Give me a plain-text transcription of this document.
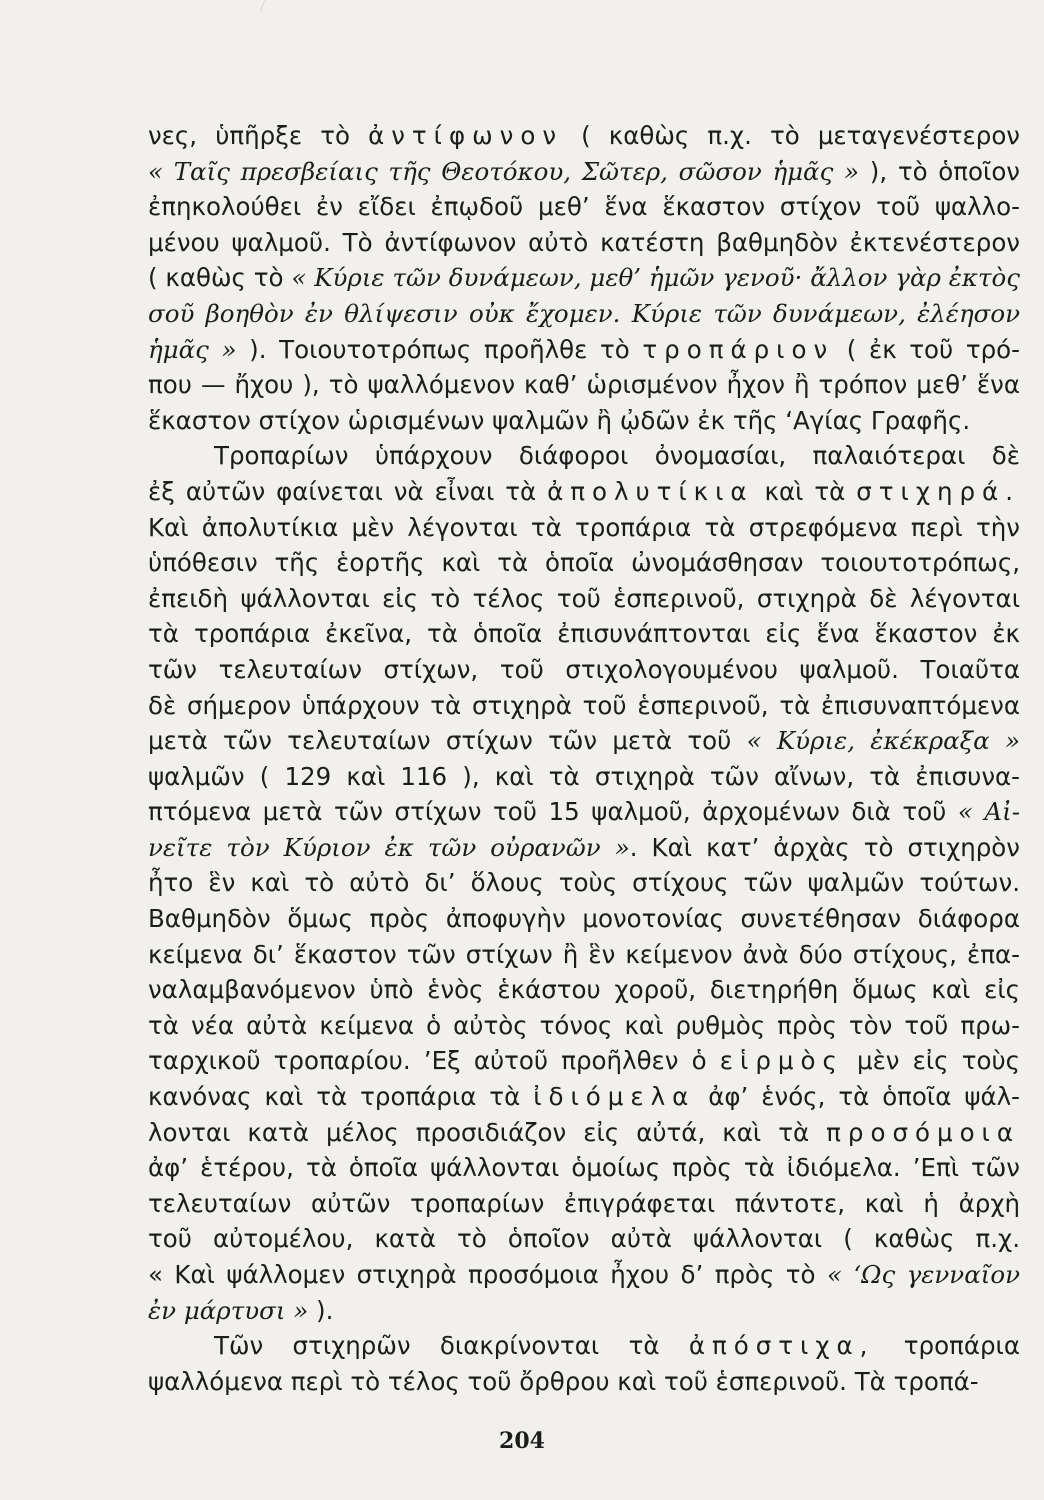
νες, ὑπῆρξε τὸ ἀντίφωνον ( καθὼς π.χ. τὸ μεταγενέστερον
« Ταῖς πρεσβείαις τῆς Θεοτόκου, Σῶτερ, σῶσον ἡμᾶς » ), τὸ ὁποῖον
ἐπηκολούθει ἐν εἴδει ἐπῳδοῦ μεθ’ ἕνα ἕκαστον στίχον τοῦ ψαλλο-
μένου ψαλμοῦ. Τὸ ἀντίφωνον αὐτὸ κατέστη βαθμηδὸν ἐκτενέστερον
( καθὼς τὸ « Κύριε τῶν δυνάμεων, μεθ’ ἡμῶν γενοῦ· ἄλλον γὰρ ἐκτὸς
σοῦ βοηθὸν ἐν θλίψεσιν οὐκ ἔχομεν. Κύριε τῶν δυνάμεων, ἐλέησον
ἡμᾶς » ). Τοιουτοτρόπως προῆλθε τὸ τροπάριον ( ἐκ τοῦ τρό-
που — ἤχου ), τὸ ψαλλόμενον καθ’ ὡρισμένον ἦχον ἢ τρόπον μεθ’ ἕνα
ἕκαστον στίχον ὡρισμένων ψαλμῶν ἢ ᾠδῶν ἐκ τῆς ‘Αγίας Γραφῆς.
Τροπαρίων ὑπάρχουν διάφοροι ὀνομασίαι, παλαιότεραι δὲ
ἐξ αὐτῶν φαίνεται νὰ εἶναι τὰ ἀπολυτίκια καὶ τὰ στιχηρά.
Καὶ ἀπολυτίκια μὲν λέγονται τὰ τροπάρια τὰ στρεφόμενα περὶ τὴν
ὑπόθεσιν τῆς ἑορτῆς καὶ τὰ ὁποῖα ὠνομάσθησαν τοιουτοτρόπως,
ἐπειδὴ ψάλλονται εἰς τὸ τέλος τοῦ ἑσπερινοῦ, στιχηρὰ δὲ λέγονται
τὰ τροπάρια ἐκεῖνα, τὰ ὁποῖα ἐπισυνάπτονται εἰς ἕνα ἕκαστον ἐκ
τῶν τελευταίων στίχων, τοῦ στιχολογουμένου ψαλμοῦ. Τοιαῦτα
δὲ σήμερον ὑπάρχουν τὰ στιχηρὰ τοῦ ἑσπερινοῦ, τὰ ἐπισυναπτόμενα
μετὰ τῶν τελευταίων στίχων τῶν μετὰ τοῦ « Κύριε, ἐκέκραξα »
ψαλμῶν ( 129 καὶ 116 ), καὶ τὰ στιχηρὰ τῶν αἴνων, τὰ ἐπισυνα-
πτόμενα μετὰ τῶν στίχων τοῦ 15 ψαλμοῦ, ἀρχομένων διὰ τοῦ « Αἰ-
νεῖτε τὸν Κύριον ἐκ τῶν οὐρανῶν ». Καὶ κατ’ ἀρχὰς τὸ στιχηρὸν
ἦτο ἓν καὶ τὸ αὐτὸ δι’ ὅλους τοὺς στίχους τῶν ψαλμῶν τούτων.
Βαθμηδὸν ὅμως πρὸς ἀποφυγὴν μονοτονίας συνετέθησαν διάφορα
κείμενα δι’ ἕκαστον τῶν στίχων ἢ ἓν κείμενον ἀνὰ δύο στίχους, ἐπα-
ναλαμβανόμενον ὑπὸ ἑνὸς ἑκάστου χοροῦ, διετηρήθη ὅμως καὶ εἰς
τὰ νέα αὐτὰ κείμενα ὁ αὐτὸς τόνος καὶ ρυθμὸς πρὸς τὸν τοῦ πρω-
ταρχικοῦ τροπαρίου. ’Εξ αὐτοῦ προῆλθεν ὁ εἱρμὸς μὲν εἰς τοὺς
κανόνας καὶ τὰ τροπάρια τὰ ἰδιόμελα ἀφ’ ἑνός, τὰ ὁποῖα ψάλ-
λονται κατὰ μέλος προσιδιάζον εἰς αὐτά, καὶ τὰ προσόμοια
ἀφ’ ἑτέρου, τὰ ὁποῖα ψάλλονται ὁμοίως πρὸς τὰ ἰδιόμελα. ’Επὶ τῶν
τελευταίων αὐτῶν τροπαρίων ἐπιγράφεται πάντοτε, καὶ ἡ ἀρχὴ
τοῦ αὐτομέλου, κατὰ τὸ ὁποῖον αὐτὰ ψάλλονται ( καθὼς π.χ.
« Καὶ ψάλλομεν στιχηρὰ προσόμοια ἦχου δ’ πρὸς τὸ « ‘Ως γενναῖον
ἐν μάρτυσι » ).
Τῶν στιχηρῶν διακρίνονται τὰ ἀπόστιχα, τροπάρια
ψαλλόμενα περὶ τὸ τέλος τοῦ ὄρθρου καὶ τοῦ ἑσπερινοῦ. Τὰ τροπά-
204
